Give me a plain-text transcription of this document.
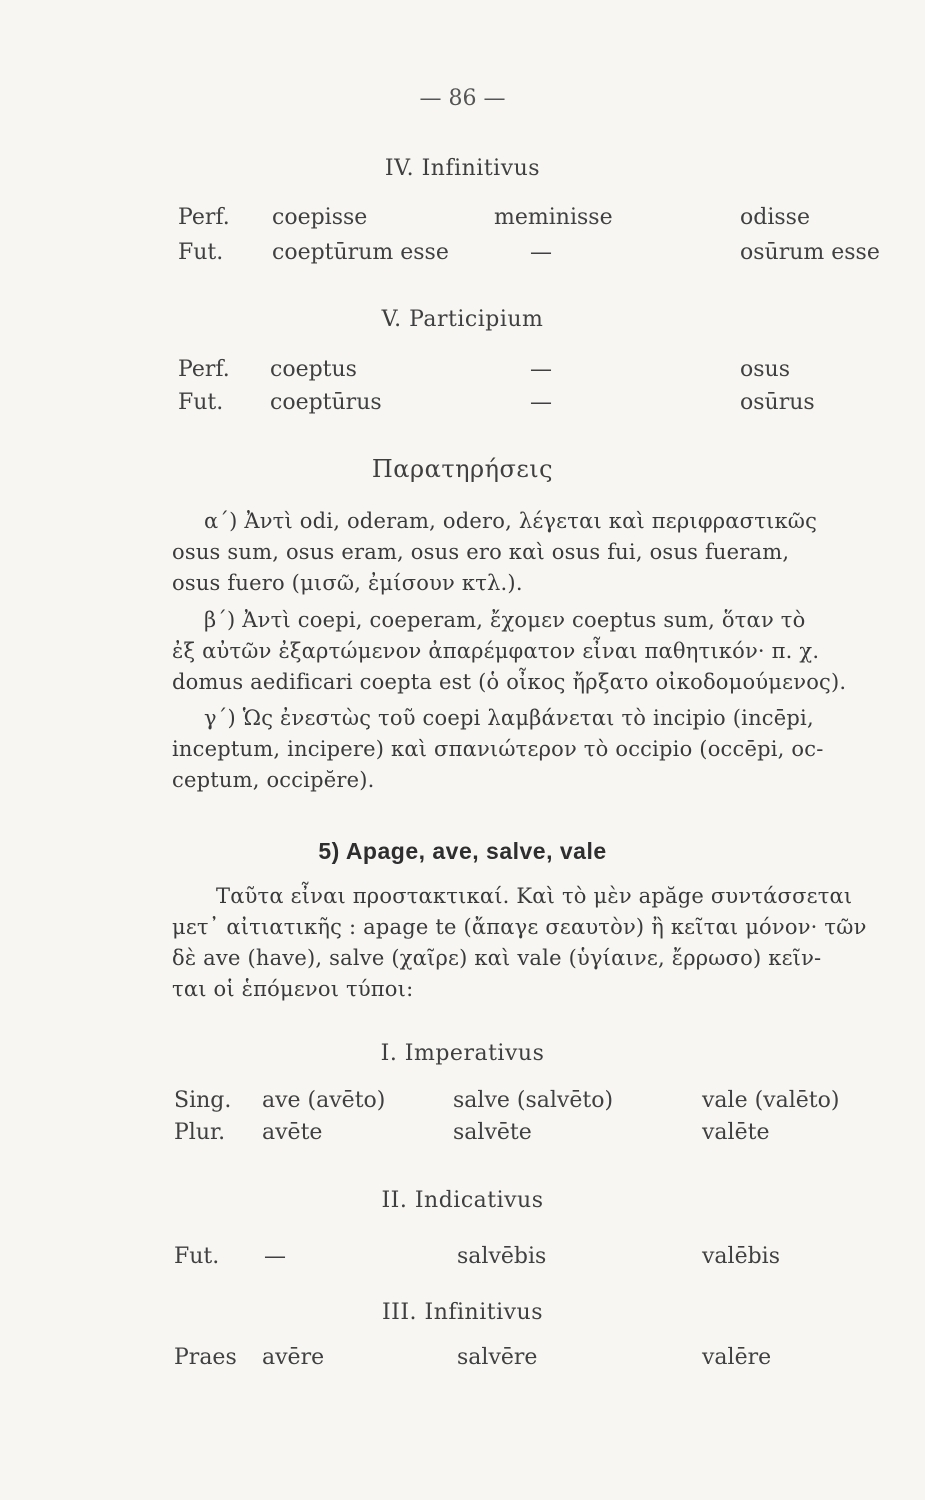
— 86 —
IV. Infinitivus
Perf. coepisse	meminisse	odisse
Fut. coeptūrum esse	—	osūrum esse
V. Participium
Perf. coeptus	—	osus
Fut. coeptūrus	—	osūrus
Παρατηρήσεις
α΄) Ἀντὶ odi, oderam, odero, λέγεται καὶ περιφραστικῶς
osus sum, osus eram, osus ero καὶ osus fui, osus fueram,
osus fuero (μισῶ, ἐμίσουν κτλ.).
β΄) Ἀντὶ coepi, coeperam, ἔχομεν coeptus sum, ὅταν τὸ
ἐξ αὐτῶν ἐξαρτώμενον ἀπαρέμφατον εἶναι παθητικόν· π. χ.
domus aedificari coepta est (ὁ οἶκος ἤρξατο οἰκοδομούμενος).
γ΄) Ὡς ἐνεστὼς τοῦ coepi λαμβάνεται τὸ incipio (incēpi,
inceptum, incipere) καὶ σπανιώτερον τὸ occipio (occēpi, oc-
ceptum, occipĕre).
5) Apage, ave, salve, vale
Ταῦτα εἶναι προστακτικαί. Καὶ τὸ μὲν apăge συντάσσεται
μετ᾽ αἰτιατικῆς : apage te (ἄπαγε σεαυτὸν) ἢ κεῖται μόνον· τῶν
δὲ ave (have), salve (χαῖρε) καὶ vale (ὑγίαινε, ἔρρωσο) κεῖν-
ται οἱ ἑπόμενοι τύποι:
I. Imperativus
Sing. ave (avēto)	salve (salvēto)	vale (valēto)
Plur. avēte	salvēte	valēte
II. Indicativus
Fut. —	salvēbis	valēbis
III. Infinitivus
Praes avēre	salvēre	valēre
